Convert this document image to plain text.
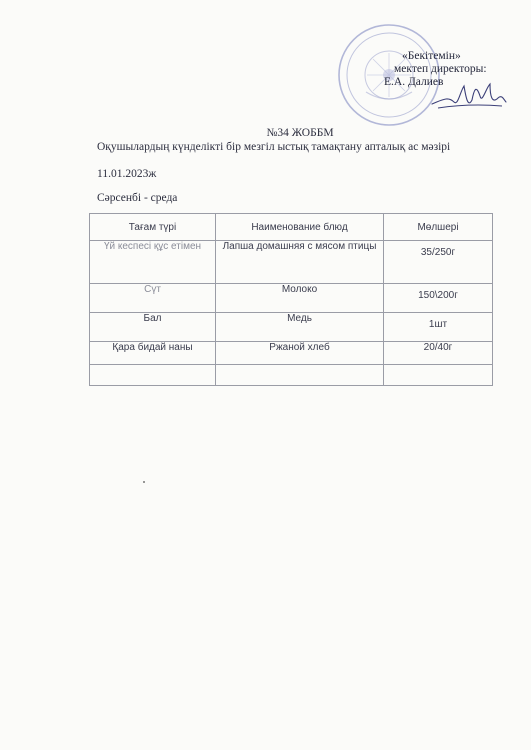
«Бекітемін»
мектеп директоры:
Е.А. Далиев
№34 ЖОББМ
Оқушылардың күнделікті бір мезгіл ыстық тамақтану апталық ас мәзірі
11.01.2023ж
Сәрсенбі - среда
Тағам түрі	Наименование блюд	Мөлшері
Үй кеспесі құс етімен	Лапша домашняя с мясом птицы	35/250г
Сүт	Молоко	150\200г
Бал	Медь	1шт
Қара бидай наны	Ржаной хлеб	20/40г
